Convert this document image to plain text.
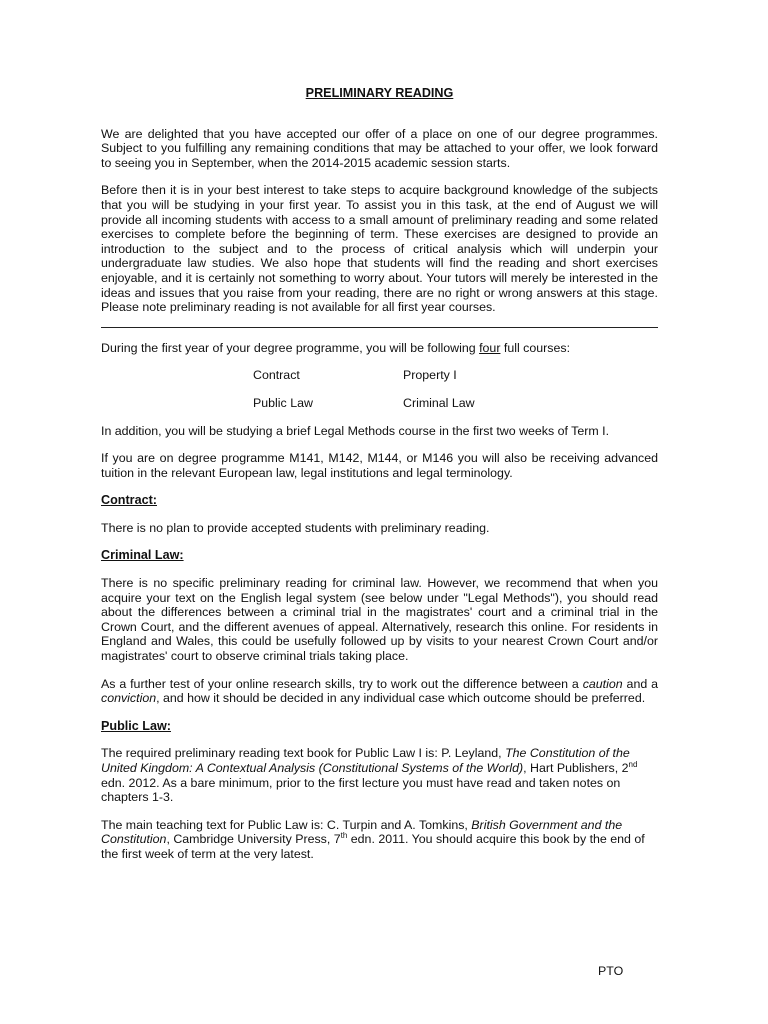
PRELIMINARY READING

We are delighted that you have accepted our offer of a place on one of our degree programmes. Subject to you fulfilling any remaining conditions that may be attached to your offer, we look forward to seeing you in September, when the 2014-2015 academic session starts.

Before then it is in your best interest to take steps to acquire background knowledge of the subjects that you will be studying in your first year. To assist you in this task, at the end of August we will provide all incoming students with access to a small amount of preliminary reading and some related exercises to complete before the beginning of term. These exercises are designed to provide an introduction to the subject and to the process of critical analysis which will underpin your undergraduate law studies. We also hope that students will find the reading and short exercises enjoyable, and it is certainly not something to worry about. Your tutors will merely be interested in the ideas and issues that you raise from your reading, there are no right or wrong answers at this stage. Please note preliminary reading is not available for all first year courses.

During the first year of your degree programme, you will be following four full courses:

Contract	Property I
Public Law	Criminal Law

In addition, you will be studying a brief Legal Methods course in the first two weeks of Term I.

If you are on degree programme M141, M142, M144, or M146 you will also be receiving advanced tuition in the relevant European law, legal institutions and legal terminology.

Contract:

There is no plan to provide accepted students with preliminary reading.

Criminal Law:

There is no specific preliminary reading for criminal law. However, we recommend that when you acquire your text on the English legal system (see below under "Legal Methods"), you should read about the differences between a criminal trial in the magistrates' court and a criminal trial in the Crown Court, and the different avenues of appeal. Alternatively, research this online. For residents in England and Wales, this could be usefully followed up by visits to your nearest Crown Court and/or magistrates' court to observe criminal trials taking place.

As a further test of your online research skills, try to work out the difference between a caution and a conviction, and how it should be decided in any individual case which outcome should be preferred.

Public Law:

The required preliminary reading text book for Public Law I is: P. Leyland, The Constitution of the United Kingdom: A Contextual Analysis (Constitutional Systems of the World), Hart Publishers, 2nd edn. 2012. As a bare minimum, prior to the first lecture you must have read and taken notes on chapters 1-3.

The main teaching text for Public Law is: C. Turpin and A. Tomkins, British Government and the Constitution, Cambridge University Press, 7th edn. 2011. You should acquire this book by the end of the first week of term at the very latest.

PTO
